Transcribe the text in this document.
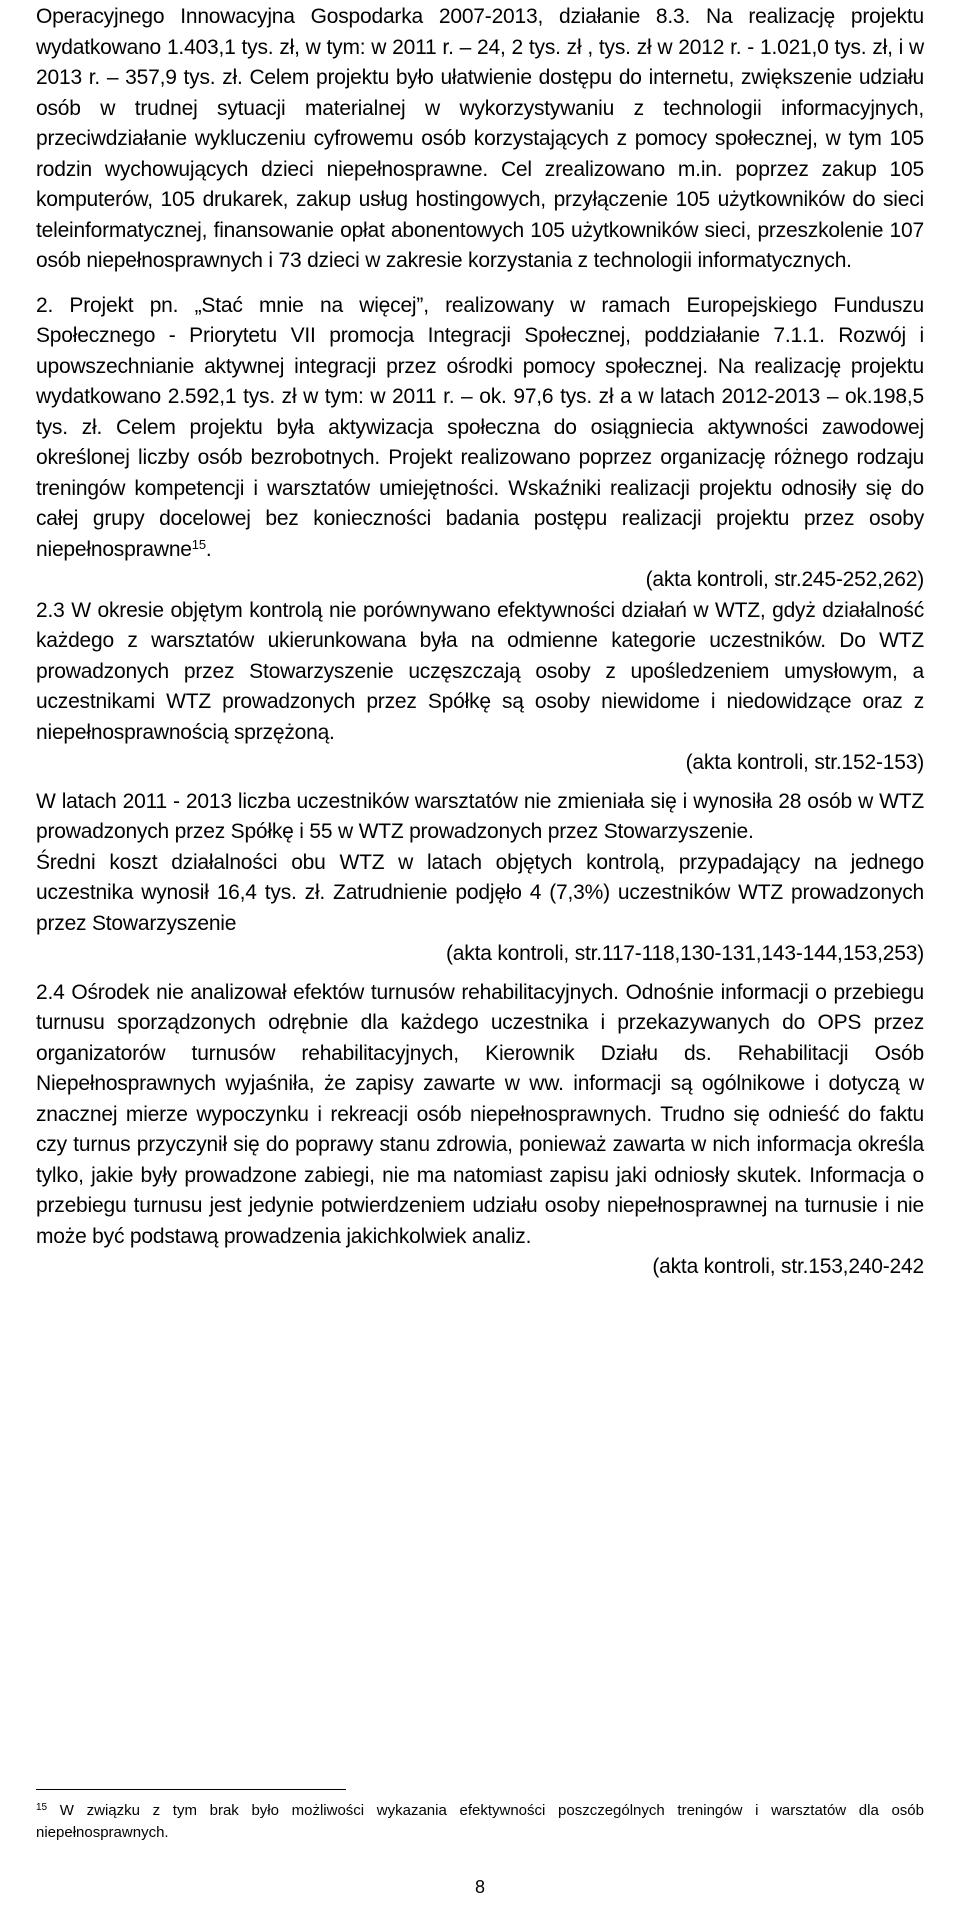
Operacyjnego Innowacyjna Gospodarka 2007-2013, działanie 8.3. Na realizację projektu wydatkowano 1.403,1 tys. zł, w tym: w 2011 r. – 24, 2 tys. zł , tys. zł w 2012 r. - 1.021,0 tys. zł, i w 2013 r. – 357,9 tys. zł. Celem projektu było ułatwienie dostępu do internetu, zwiększenie udziału osób w trudnej sytuacji materialnej w wykorzystywaniu z technologii informacyjnych, przeciwdziałanie wykluczeniu cyfrowemu osób korzystających z pomocy społecznej, w tym 105 rodzin wychowujących dzieci niepełnosprawne. Cel zrealizowano m.in. poprzez zakup 105 komputerów, 105 drukarek, zakup usług hostingowych, przyłączenie 105 użytkowników do sieci teleinformatycznej, finansowanie opłat abonentowych 105 użytkowników sieci, przeszkolenie 107 osób niepełnosprawnych i 73 dzieci w zakresie korzystania z technologii informatycznych.

2. Projekt pn. „Stać mnie na więcej”, realizowany w ramach Europejskiego Funduszu Społecznego - Priorytetu VII promocja Integracji Społecznej, poddziałanie 7.1.1. Rozwój i upowszechnianie aktywnej integracji przez ośrodki pomocy społecznej. Na realizację projektu wydatkowano 2.592,1 tys. zł w tym: w 2011 r. – ok. 97,6 tys. zł a w latach 2012-2013 – ok.198,5 tys. zł. Celem projektu była aktywizacja społeczna do osiągniecia aktywności zawodowej określonej liczby osób bezrobotnych. Projekt realizowano poprzez organizację różnego rodzaju treningów kompetencji i warsztatów umiejętności. Wskaźniki realizacji projektu odnosiły się do całej grupy docelowej bez konieczności badania postępu realizacji projektu przez osoby niepełnosprawne$^{15}$.

(akta kontroli, str.245-252,262)

2.3 W okresie objętym kontrolą nie porównywano efektywności działań w WTZ, gdyż działalność każdego z warsztatów ukierunkowana była na odmienne kategorie uczestników. Do WTZ prowadzonych przez Stowarzyszenie uczęszczają osoby z upośledzeniem umysłowym, a uczestnikami WTZ prowadzonych przez Spółkę są osoby niewidome i niedowidzące oraz z niepełnosprawnością sprzężoną.

(akta kontroli, str.152-153)

W latach 2011 - 2013 liczba uczestników warsztatów nie zmieniała się i wynosiła 28 osób w WTZ prowadzonych przez Spółkę i 55 w WTZ prowadzonych przez Stowarzyszenie.

Średni koszt działalności obu WTZ w latach objętych kontrolą, przypadający na jednego uczestnika wynosił 16,4 tys. zł. Zatrudnienie podjęło 4 (7,3%) uczestników WTZ prowadzonych przez Stowarzyszenie

(akta kontroli, str.117-118,130-131,143-144,153,253)

2.4 Ośrodek nie analizował efektów turnusów rehabilitacyjnych. Odnośnie informacji o przebiegu turnusu sporządzonych odrębnie dla każdego uczestnika i przekazywanych do OPS przez organizatorów turnusów rehabilitacyjnych, Kierownik Działu ds. Rehabilitacji Osób Niepełnosprawnych wyjaśniła, że zapisy zawarte w ww. informacji są ogólnikowe i dotyczą w znacznej mierze wypoczynku i rekreacji osób niepełnosprawnych. Trudno się odnieść do faktu czy turnus przyczynił się do poprawy stanu zdrowia, ponieważ zawarta w nich informacja określa tylko, jakie były prowadzone zabiegi, nie ma natomiast zapisu jaki odniosły skutek. Informacja o przebiegu turnusu jest jedynie potwierdzeniem udziału osoby niepełnosprawnej na turnusie i nie może być podstawą prowadzenia jakichkolwiek analiz.

(akta kontroli, str.153,240-242

$^{15}$ W związku z tym brak było możliwości wykazania efektywności poszczególnych treningów i warsztatów dla osób niepełnosprawnych.
8
